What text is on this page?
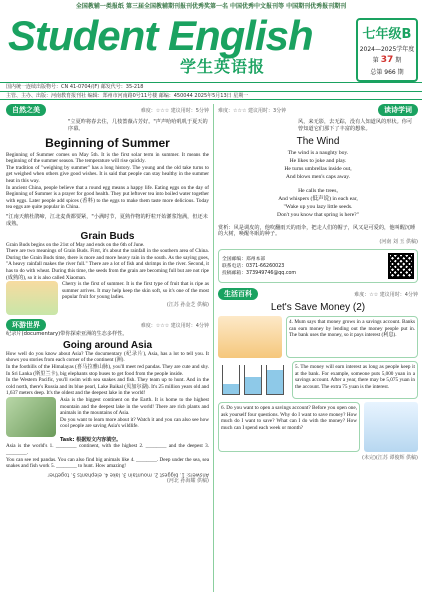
全国教辅一类报纸 第三届全国教辅期刊报刊优秀奖第一名 中国优秀中文报刊等 中国期刊优秀报刊期刊
Student English
学生英语报
七年级B
2024—2025学年度
第 37 期
总第 966 期
国内统一连续出版物号：CN 41-0704/(F) 邮发代号：35-218
主管、主办、出版：河南教育报刊社 编辑：郑州市河南路0号11号楼 邮编：450044 2025年5月13日 星期一
自然之美	难度：☆☆☆ 建议用时：5分钟
"立夏昨将春去住，几枝蔷薇占芳好。"声声哈哈叽叽于夏天的序幕。
Beginning of Summer

Beginning of Summer comes on May 5th. It is the first solar term in summer. It means the beginning of the summer season. The temperature will rise quickly.

The tradition of "weighing by summer" has a long history. The young and the old take turns to get weighed when others give good wishes. It is said that people can stay healthy in the summer heat in this way.

In ancient China, people believe that a round egg means a happy life. Eating eggs on the day of Beginning of Summer is a prayer for good health. They put leftover tea into boiled water together with eggs. Later people add spices (香料) to the eggs to make them taste more delicious. Today tea eggs are quite popular in China.

"江南天鹅杜鹃啼，江北麦黄都要紧，"小满时节，夏熟作物的籽粒开始灌浆饱满，但还未成熟。
Grain Buds

Grain Buds begins on the 21st of May and ends on the 6th of June.

There are two meanings of Grain Buds. First, it's about the rainfall in the southern area of China. During the Grain Buds time, there is more and more heavy rain in the south. As the saying goes, "A heavy rainfall makes the river full." There are a lot of fish and shrimps in the river. Second, it has to do with wheat. During this time, the seeds from the grain are becoming full but are not ripe (成熟的), so it is also called Xiaoman.

Cherry is the first of summer. It is the first type of fruit that is ripe as summer arrives. It may help keep the skin soft, so it's one of the most popular fruit for young ladies.

(江苏 孙金芝 供稿)
环游世界	难度：☆☆☆ 建议用时：4分钟
纪录片(documentary)带你探索亚洲的生态多样性。
Going around Asia

How well do you know about Asia? The documentary (纪录片), Asia, has a lot to tell you. It shows you stories from each corner of the continent (洲).

In the foothills of the Himalayas (喜马拉雅山脉), you'll meet red pandas. They are cute and shy. In Sri Lanka (斯里兰卡), big elephants stop buses to get food from the people inside.

In the Western Pacific, you'll swim with sea snakes and fish. They team up to hunt. And in the cold north, there's Russia and its blue pearl, Lake Baikal (贝加尔湖). It's 25 million years old and 1,637 meters deep. It's the oldest and the deepest lake in the world!

Asia is the biggest continent on the Earth. It is home to the highest mountain and the deepest lake in the world! There are rich plants and animals in the mountains of Asia.

Do you want to learn more about it? Watch it and you can also see how cool people are saving Asia's wildlife.

Task: 根据短文内容填空。

Asia is the world's 1. ________ continent, with the highest 2. ________ and the deepest 3. ________.

You can see red pandas. You can also find big animals like 4. ________. Deep under the sea, sea snakes and fish work 5. ________ to hunt. How amazing!

Answers: 1. biggest 2. mountain 3. lake 4. elephants 5. together
(河北 孙海耀 供稿)
难度：☆☆☆ 建议用时：3分钟	读诗学词
风，来无影，去无踪，没有人知道风的形状。你可曾知道它们那下了丰富的想象。
The Wind
The wind is a naughty boy.
He likes to joke and play.
He turns umbrellas inside out,
And blows men's caps away.
He calls the trees,
And whispers (低声说) in each ear,
"Wake up you lazy little seeds.
Don't you know that spring is here?"
赏析：风是调皮的，他吹翻雨天的雨伞，把走人们的帽子，风又是可爱的，他叫醒沉睡的大树，唤醒冬眠的种子。
(河南 刘 玉 供稿)
全国邮编：郑州本部
联系电话：0371-66260023
投稿邮箱：373949746@qq.com
生活百科	难度：☆☆ 建议用时：4分钟
Let's Save Money (2)

4. Mum says that money grows in a savings account. Banks can earn money by lending out the money people put in. The bank uses the money, so it pays interest (利息).

5. The money will earn interest as long as people keep it at the bank. For example, someone puts 5,000 yuan in a savings account. After a year, there may be 5,075 yuan in the account. The extra 75 yuan is the interest.

6. Do you want to open a savings account? Before you open one, ask yourself four questions. Why do I want to save money? How much do I want to save? What can I do with the money? How much can I spend each week or month?

(未完)(江苏 谭俊辉 供稿)
